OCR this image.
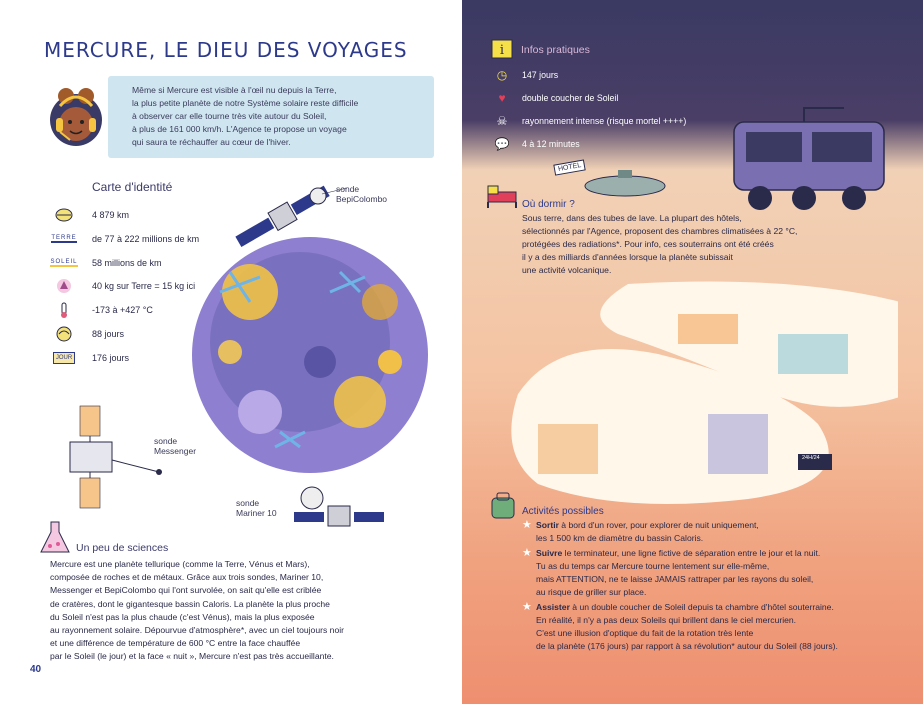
MERCURE, LE DIEU DES VOYAGES
Même si Mercure est visible à l'œil nu depuis la Terre,
la plus petite planète de notre Système solaire reste difficile
à observer car elle tourne très vite autour du Soleil,
à plus de 161 000 km/h. L'Agence te propose un voyage
qui saura te réchauffer au cœur de l'hiver.
Carte d'identité
4 879 km
TERRE de 77 à 222 millions de km
SOLEIL 58 millions de km
40 kg sur Terre = 15 kg ici
-173 à +427 °C
88 jours
JOUR	176 jours
sonde
BepiColombo
sonde
Messenger
sonde
Mariner 10
Un peu de sciences
Mercure est une planète tellurique (comme la Terre, Vénus et Mars),
composée de roches et de métaux. Grâce aux trois sondes, Mariner 10,
Messenger et BepiColombo qui l'ont survolée, on sait qu'elle est criblée
de cratères, dont le gigantesque bassin Caloris. La planète la plus proche
du Soleil n'est pas la plus chaude (c'est Vénus), mais la plus exposée
au rayonnement solaire. Dépourvue d'atmosphère*, avec un ciel toujours noir
et une différence de température de 600 °C entre la face chauffée
par le Soleil (le jour) et la face « nuit », Mercure n'est pas très accueillante.
40
HOTEL
24H/24
i Infos pratiques
◷	147 jours
♥	double coucher de Soleil
☠	rayonnement intense (risque mortel ++++)
💬 4 à 12 minutes
Où dormir ?
Sous terre, dans des tubes de lave. La plupart des hôtels,
sélectionnés par l'Agence, proposent des chambres climatisées à 22 °C,
protégées des radiations*. Pour info, ces souterrains ont été créés
il y a des milliards d'années lorsque la planète subissait
une activité volcanique.
Activités possibles
★ Sortir à bord d'un rover, pour explorer de nuit uniquement,
les 1 500 km de diamètre du bassin Caloris.
★ Suivre le terminateur, une ligne fictive de séparation entre le jour et la nuit.
Tu as du temps car Mercure tourne lentement sur elle-même,
mais ATTENTION, ne te laisse JAMAIS rattraper par les rayons du soleil,
au risque de griller sur place.
★ Assister à un double coucher de Soleil depuis ta chambre d'hôtel souterraine.
En réalité, il n'y a pas deux Soleils qui brillent dans le ciel mercurien.
C'est une illusion d'optique du fait de la rotation très lente
de la planète (176 jours) par rapport à sa révolution* autour du Soleil (88 jours).
